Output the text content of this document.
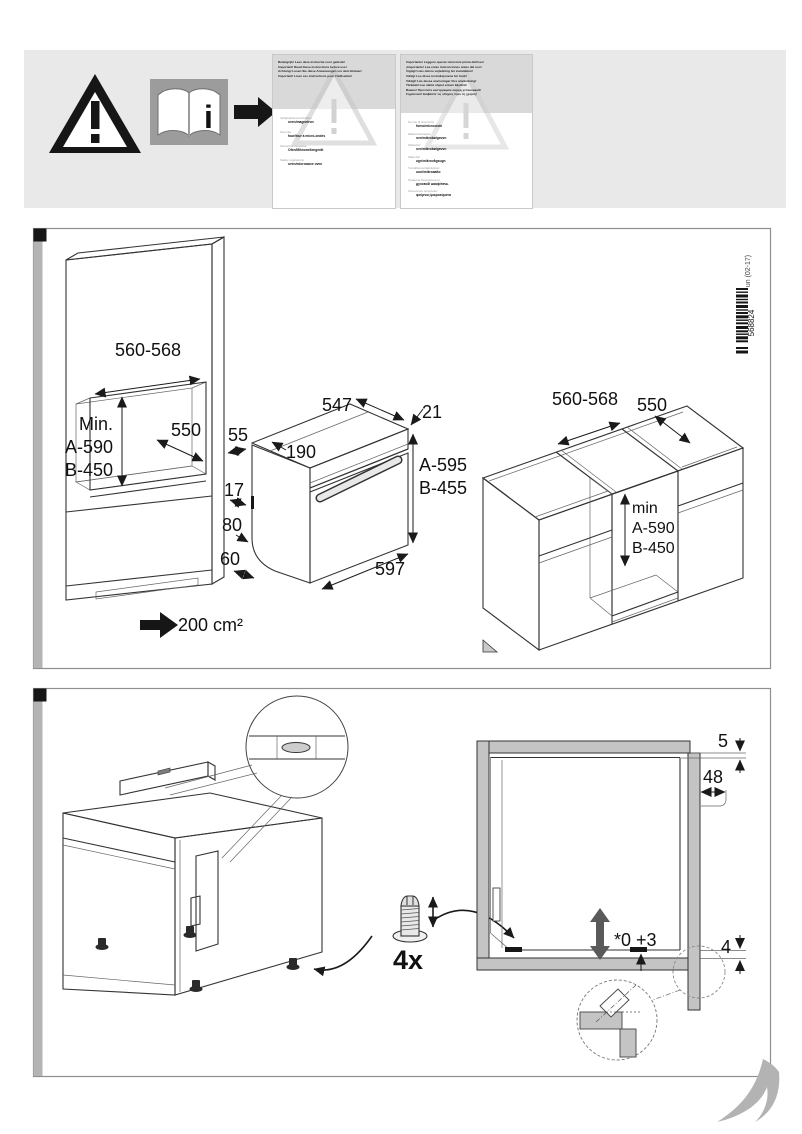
i
560-568
Min.
A-590
B-450
550
200 cm²
547	21
190
A-595
B-455
597
55
17
80
60
560-568 550
min
A-590
B-450
568824
un (02-17)
4x
5
48
*0 +3	4
Belangrijk! Lees deze instructie voor gebruik!
Important! Read these instructions before use!
Achtung! Lesen Sie diese Anweisungen vor dem Einbau!
Important! Lisez ces instructions pour l'utilisation!
Veiligheidsvoorschriften
oven/magnetron
Sécurité
four/four à micro-ondes
Sicherheitshinweise
Ofen/Mikrowellengerät
Safety regulations
oven/microwave oven
Importante! Leggere queste istruzioni prima dell'uso!
¡Importante! Lea estas instrucciones antes del uso!
Vigtigt! Læs denne vejledning før installation!
Viktig! Les disse instruksjonene før bruk!
Viktigt! Läs dessa anvisningar före användning!
Tärkeää! Lue nämä ohjeet ennen käyttöä!
Важно! Прочтите инструкцию перед установкой!
Σημαντικό! Διαβάστε τις οδηγίες πριν τη χρήση!
Norme di sicurezza
forno/microonde
Sikkerhedsregler
ovn/mikrobølgeovn
Sikkerhet
ovn/mikrobølgeovn
Säkerhet
ugn/mikrovågsugn
Turvallisuusmääräykset
uuni/mikroaalto
Правила безопасности
духовой шкаф/печь
Κανονισμοί ασφαλείας
φούρνος/μικροκύματα
